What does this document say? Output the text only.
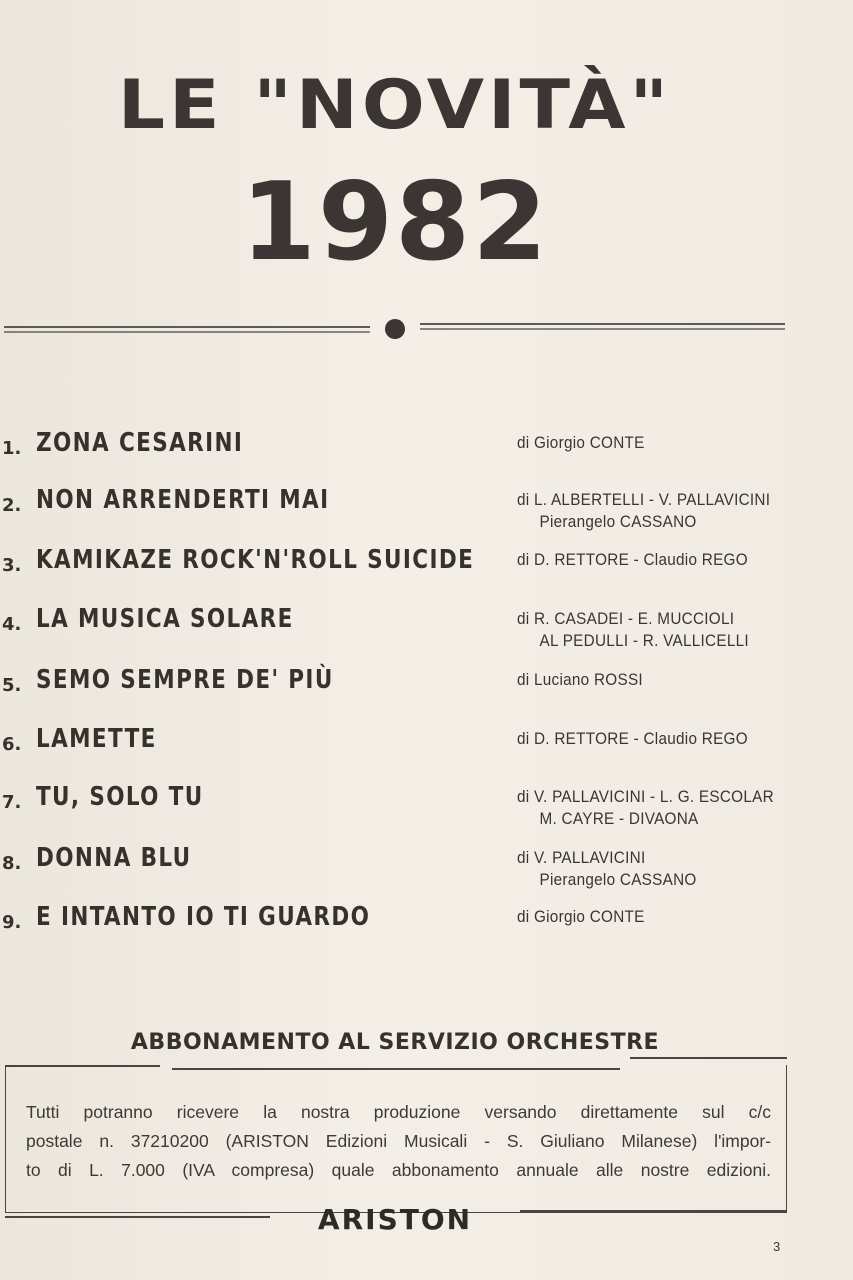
LE "NOVITÀ"
1982
1. ZONA CESARINI	di Giorgio CONTE
2. NON ARRENDERTI MAI	di L. ALBERTELLI - V. PALLAVICINI
Pierangelo CASSANO
3. KAMIKAZE ROCK'N'ROLL SUICIDE	di D. RETTORE - Claudio REGO
4. LA MUSICA SOLARE	di R. CASADEI - E. MUCCIOLI
AL PEDULLI - R. VALLICELLI
5. SEMO SEMPRE DE' PIÙ	di Luciano ROSSI
6. LAMETTE	di D. RETTORE - Claudio REGO
7. TU, SOLO TU	di V. PALLAVICINI - L. G. ESCOLAR
M. CAYRE - DIVAONA
8. DONNA BLU	di V. PALLAVICINI
Pierangelo CASSANO
9. E INTANTO IO TI GUARDO	di Giorgio CONTE
ABBONAMENTO AL SERVIZIO ORCHESTRE
Tutti potranno ricevere la nostra produzione versando direttamente sul c/c
postale n. 37210200 (ARISTON Edizioni Musicali - S. Giuliano Milanese) l'impor-
to di L. 7.000 (IVA compresa) quale abbonamento annuale alle nostre edizioni.
ARISTON
3
